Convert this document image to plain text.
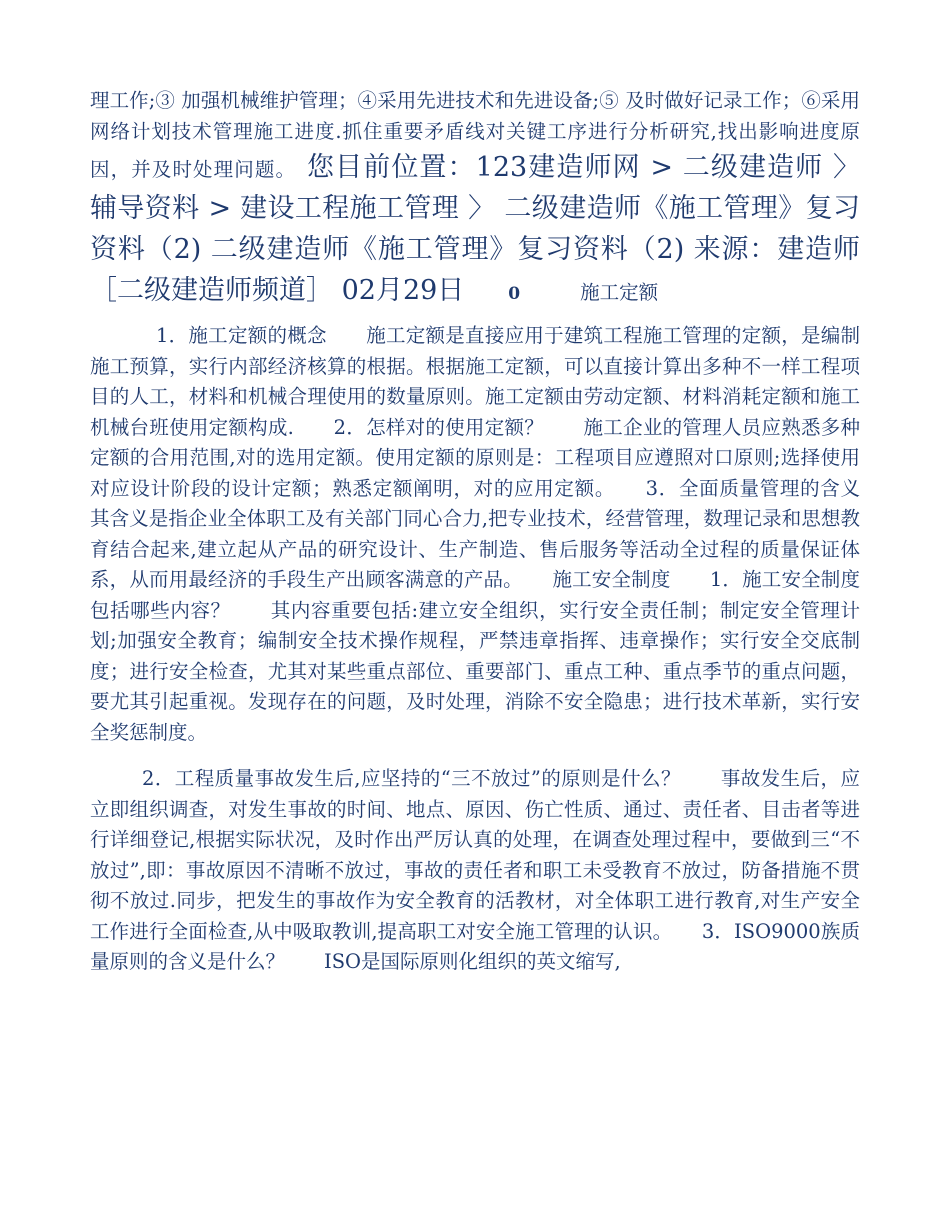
理工作;③ 加强机械维护管理；④采用先进技术和先进设备;⑤ 及时做好记录工作；⑥采用网络计划技术管理施工进度.抓住重要矛盾线对关键工序进行分析研究,找出影响进度原因，并及时处理问题。　 您目前位置：123建造师网 > 二级建造师 〉 辅导资料 > 建设工程施工管理 〉 二级建造师《施工管理》复习资料（2) 二级建造师《施工管理》复习资料（2) 来源：建造师［二级建造师频道］ 02月29日	0	施工定额

1．施工定额的概念　　施工定额是直接应用于建筑工程施工管理的定额，是编制施工预算，实行内部经济核算的根据。根据施工定额，可以直接计算出多种不一样工程项目的人工，材料和机械合理使用的数量原则。施工定额由劳动定额、材料消耗定额和施工机械台班使用定额构成.　　2．怎样对的使用定额？　　施工企业的管理人员应熟悉多种定额的合用范围,对的选用定额。使用定额的原则是：工程项目应遵照对口原则;选择使用对应设计阶段的设计定额；熟悉定额阐明，对的应用定额。　　3．全面质量管理的含义　　其含义是指企业全体职工及有关部门同心合力,把专业技术，经营管理，数理记录和思想教育结合起来,建立起从产品的研究设计、生产制造、售后服务等活动全过程的质量保证体系，从而用最经济的手段生产出顾客满意的产品。　　施工安全制度　　1．施工安全制度包括哪些内容？　　其内容重要包括:建立安全组织，实行安全责任制；制定安全管理计划;加强安全教育；编制安全技术操作规程，严禁违章指挥、违章操作；实行安全交底制度；进行安全检查，尤其对某些重点部位、重要部门、重点工种、重点季节的重点问题，要尤其引起重视。发现存在的问题，及时处理，消除不安全隐患；进行技术革新，实行安全奖惩制度。

2．工程质量事故发生后,应坚持的“三不放过”的原则是什么？　　事故发生后，应立即组织调查，对发生事故的时间、地点、原因、伤亡性质、通过、责任者、目击者等进行详细登记,根据实际状况，及时作出严厉认真的处理，在调查处理过程中，要做到三“不放过”,即：事故原因不清晰不放过，事故的责任者和职工未受教育不放过，防备措施不贯彻不放过.同步，把发生的事故作为安全教育的活教材，对全体职工进行教育,对生产安全工作进行全面检查,从中吸取教训,提高职工对安全施工管理的认识。　　3．ISO9000族质量原则的含义是什么？　　ISO是国际原则化组织的英文缩写,
